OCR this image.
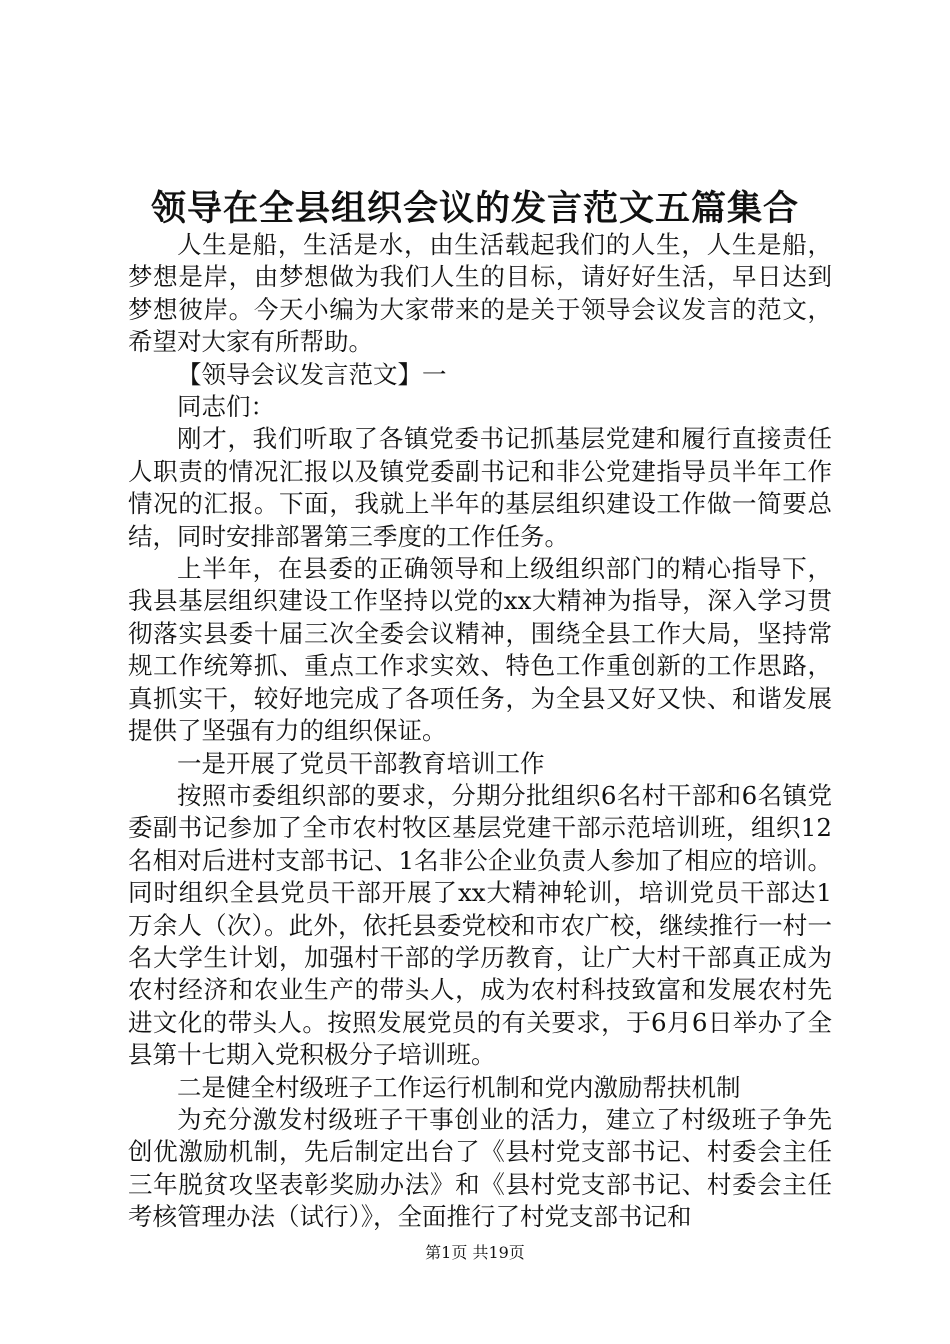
领导在全县组织会议的发言范文五篇集合

人生是船，生活是水，由生活载起我们的人生，人生是船，梦想是岸，由梦想做为我们人生的目标，请好好生活，早日达到梦想彼岸。今天小编为大家带来的是关于领导会议发言的范文，希望对大家有所帮助。

【领导会议发言范文】一

同志们：

刚才，我们听取了各镇党委书记抓基层党建和履行直接责任人职责的情况汇报以及镇党委副书记和非公党建指导员半年工作情况的汇报。下面，我就上半年的基层组织建设工作做一简要总结，同时安排部署第三季度的工作任务。

上半年，在县委的正确领导和上级组织部门的精心指导下，我县基层组织建设工作坚持以党的xx大精神为指导，深入学习贯彻落实县委十届三次全委会议精神，围绕全县工作大局，坚持常规工作统筹抓、重点工作求实效、特色工作重创新的工作思路，真抓实干，较好地完成了各项任务，为全县又好又快、和谐发展提供了坚强有力的组织保证。

一是开展了党员干部教育培训工作

按照市委组织部的要求，分期分批组织6名村干部和6名镇党委副书记参加了全市农村牧区基层党建干部示范培训班，组织12名相对后进村支部书记、1名非公企业负责人参加了相应的培训。同时组织全县党员干部开展了xx大精神轮训，培训党员干部达1万余人（次）。此外，依托县委党校和市农广校，继续推行一村一名大学生计划，加强村干部的学历教育，让广大村干部真正成为农村经济和农业生产的带头人，成为农村科技致富和发展农村先进文化的带头人。按照发展党员的有关要求，于6月6日举办了全县第十七期入党积极分子培训班。

二是健全村级班子工作运行机制和党内激励帮扶机制

为充分激发村级班子干事创业的活力，建立了村级班子争先创优激励机制，先后制定出台了《县村党支部书记、村委会主任三年脱贫攻坚表彰奖励办法》和《县村党支部书记、村委会主任考核管理办法（试行）》，全面推行了村党支部书记和

第1页 共19页
